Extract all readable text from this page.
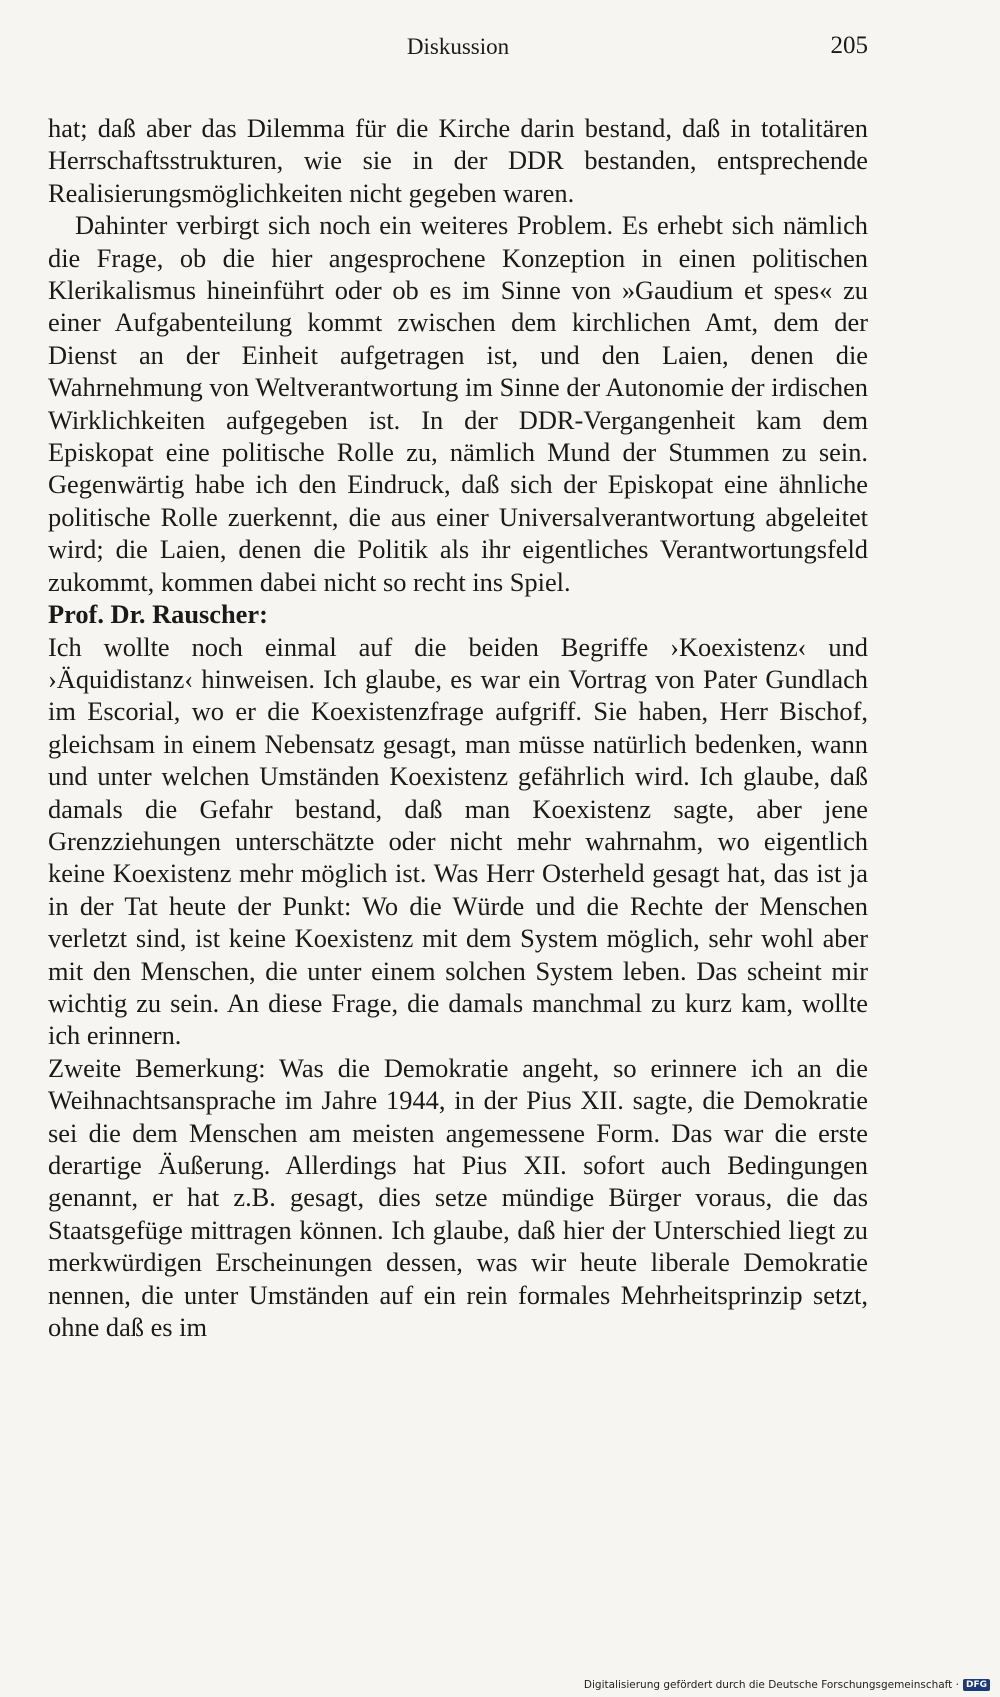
Diskussion	205

hat; daß aber das Dilemma für die Kirche darin bestand, daß in totalitären Herrschaftsstrukturen, wie sie in der DDR bestanden, entsprechende Realisierungsmöglichkeiten nicht gegeben waren.

Dahinter verbirgt sich noch ein weiteres Problem. Es erhebt sich nämlich die Frage, ob die hier angesprochene Konzeption in einen politischen Klerikalismus hineinführt oder ob es im Sinne von »Gaudium et spes« zu einer Aufgabenteilung kommt zwischen dem kirchlichen Amt, dem der Dienst an der Einheit aufgetragen ist, und den Laien, denen die Wahrnehmung von Weltverantwortung im Sinne der Autonomie der irdischen Wirklichkeiten aufgegeben ist. In der DDR-Vergangenheit kam dem Episkopat eine politische Rolle zu, nämlich Mund der Stummen zu sein. Gegenwärtig habe ich den Eindruck, daß sich der Episkopat eine ähnliche politische Rolle zuerkennt, die aus einer Universalverantwortung abgeleitet wird; die Laien, denen die Politik als ihr eigentliches Verantwortungsfeld zukommt, kommen dabei nicht so recht ins Spiel.

Prof. Dr. Rauscher:

Ich wollte noch einmal auf die beiden Begriffe ›Koexistenz‹ und ›Äquidistanz‹ hinweisen. Ich glaube, es war ein Vortrag von Pater Gundlach im Escorial, wo er die Koexistenzfrage aufgriff. Sie haben, Herr Bischof, gleichsam in einem Nebensatz gesagt, man müsse natürlich bedenken, wann und unter welchen Umständen Koexistenz gefährlich wird. Ich glaube, daß damals die Gefahr bestand, daß man Koexistenz sagte, aber jene Grenzziehungen unterschätzte oder nicht mehr wahrnahm, wo eigentlich keine Koexistenz mehr möglich ist. Was Herr Osterheld gesagt hat, das ist ja in der Tat heute der Punkt: Wo die Würde und die Rechte der Menschen verletzt sind, ist keine Koexistenz mit dem System möglich, sehr wohl aber mit den Menschen, die unter einem solchen System leben. Das scheint mir wichtig zu sein. An diese Frage, die damals manchmal zu kurz kam, wollte ich erinnern.

Zweite Bemerkung: Was die Demokratie angeht, so erinnere ich an die Weihnachtsansprache im Jahre 1944, in der Pius XII. sagte, die Demokratie sei die dem Menschen am meisten angemessene Form. Das war die erste derartige Äußerung. Allerdings hat Pius XII. sofort auch Bedingungen genannt, er hat z.B. gesagt, dies setze mündige Bürger voraus, die das Staatsgefüge mittragen können. Ich glaube, daß hier der Unterschied liegt zu merkwürdigen Erscheinungen dessen, was wir heute liberale Demokratie nennen, die unter Umständen auf ein rein formales Mehrheitsprinzip setzt, ohne daß es im

Digitalisierung gefördert durch die Deutsche Forschungsgemeinschaft · DFG
